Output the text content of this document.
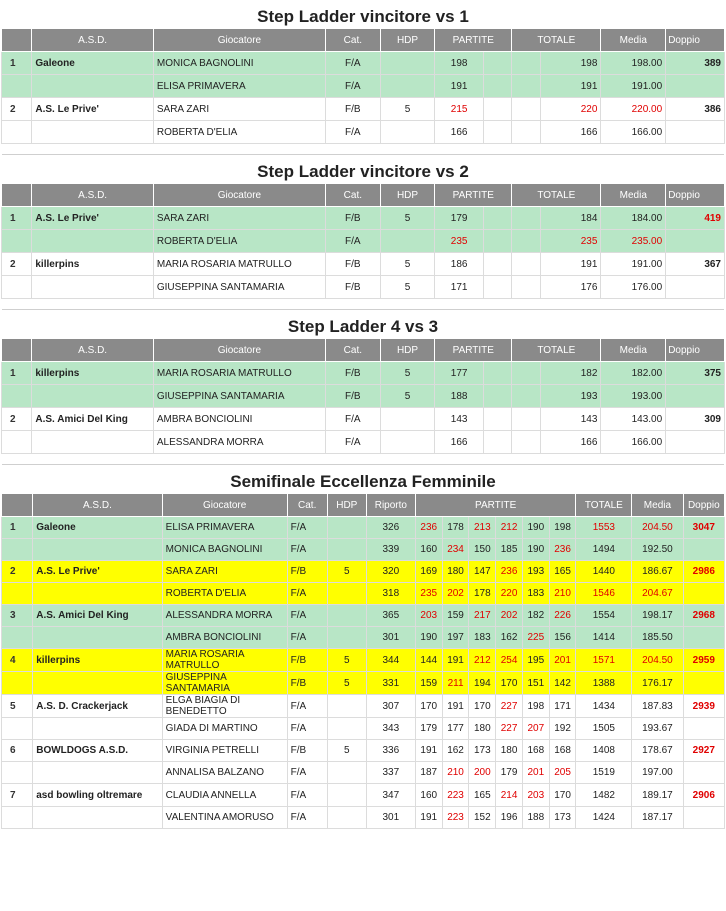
Step Ladder vincitore vs 1
	A.S.D.	Giocatore	Cat.	HDP	PARTITE		TOTALE		Media	Doppio
1	Galeone	MONICA BAGNOLINI	F/A		198			198	198.00	389
		ELISA PRIMAVERA	F/A		191			191	191.00	
2	A.S. Le Prive'	SARA ZARI	F/B	5	215			220	220.00	386
		ROBERTA D'ELIA	F/A		166			166	166.00	
Step Ladder vincitore vs 2
	A.S.D.	Giocatore	Cat.	HDP	PARTITE		TOTALE		Media	Doppio
1	A.S. Le Prive'	SARA ZARI	F/B	5	179			184	184.00	419
		ROBERTA D'ELIA	F/A		235			235	235.00	
2	killerpins	MARIA ROSARIA MATRULLO	F/B	5	186			191	191.00	367
		GIUSEPPINA SANTAMARIA	F/B	5	171			176	176.00	
Step Ladder 4 vs 3
	A.S.D.	Giocatore	Cat.	HDP	PARTITE		TOTALE		Media	Doppio
1	killerpins	MARIA ROSARIA MATRULLO	F/B	5	177			182	182.00	375
		GIUSEPPINA SANTAMARIA	F/B	5	188			193	193.00	
2	A.S. Amici Del King	AMBRA BONCIOLINI	F/A		143			143	143.00	309
		ALESSANDRA MORRA	F/A		166			166	166.00	
Semifinale Eccellenza Femminile
	A.S.D.	Giocatore	Cat.	HDP	Riporto	PARTITE						TOTALE	Media	Doppio
1	Galeone	ELISA PRIMAVERA	F/A		326	236	178	213	212	190	198	1553	204.50	3047
		MONICA BAGNOLINI	F/A		339	160	234	150	185	190	236	1494	192.50	
2	A.S. Le Prive'	SARA ZARI	F/B	5	320	169	180	147	236	193	165	1440	186.67	2986
		ROBERTA D'ELIA	F/A		318	235	202	178	220	183	210	1546	204.67	
3	A.S. Amici Del King	ALESSANDRA MORRA	F/A		365	203	159	217	202	182	226	1554	198.17	2968
		AMBRA BONCIOLINI	F/A		301	190	197	183	162	225	156	1414	185.50	
4	killerpins	MARIA ROSARIA MATRULLO	F/B	5	344	144	191	212	254	195	201	1571	204.50	2959
		GIUSEPPINA SANTAMARIA	F/B	5	331	159	211	194	170	151	142	1388	176.17	
5	A.S. D. Crackerjack	ELGA BIAGIA DI BENEDETTO	F/A		307	170	191	170	227	198	171	1434	187.83	2939
		GIADA DI MARTINO	F/A		343	179	177	180	227	207	192	1505	193.67	
6	BOWLDOGS A.S.D.	VIRGINIA PETRELLI	F/B	5	336	191	162	173	180	168	168	1408	178.67	2927
		ANNALISA BALZANO	F/A		337	187	210	200	179	201	205	1519	197.00	
7	asd bowling oltremare	CLAUDIA ANNELLA	F/A		347	160	223	165	214	203	170	1482	189.17	2906
		VALENTINA AMORUSO	F/A		301	191	223	152	196	188	173	1424	187.17	
